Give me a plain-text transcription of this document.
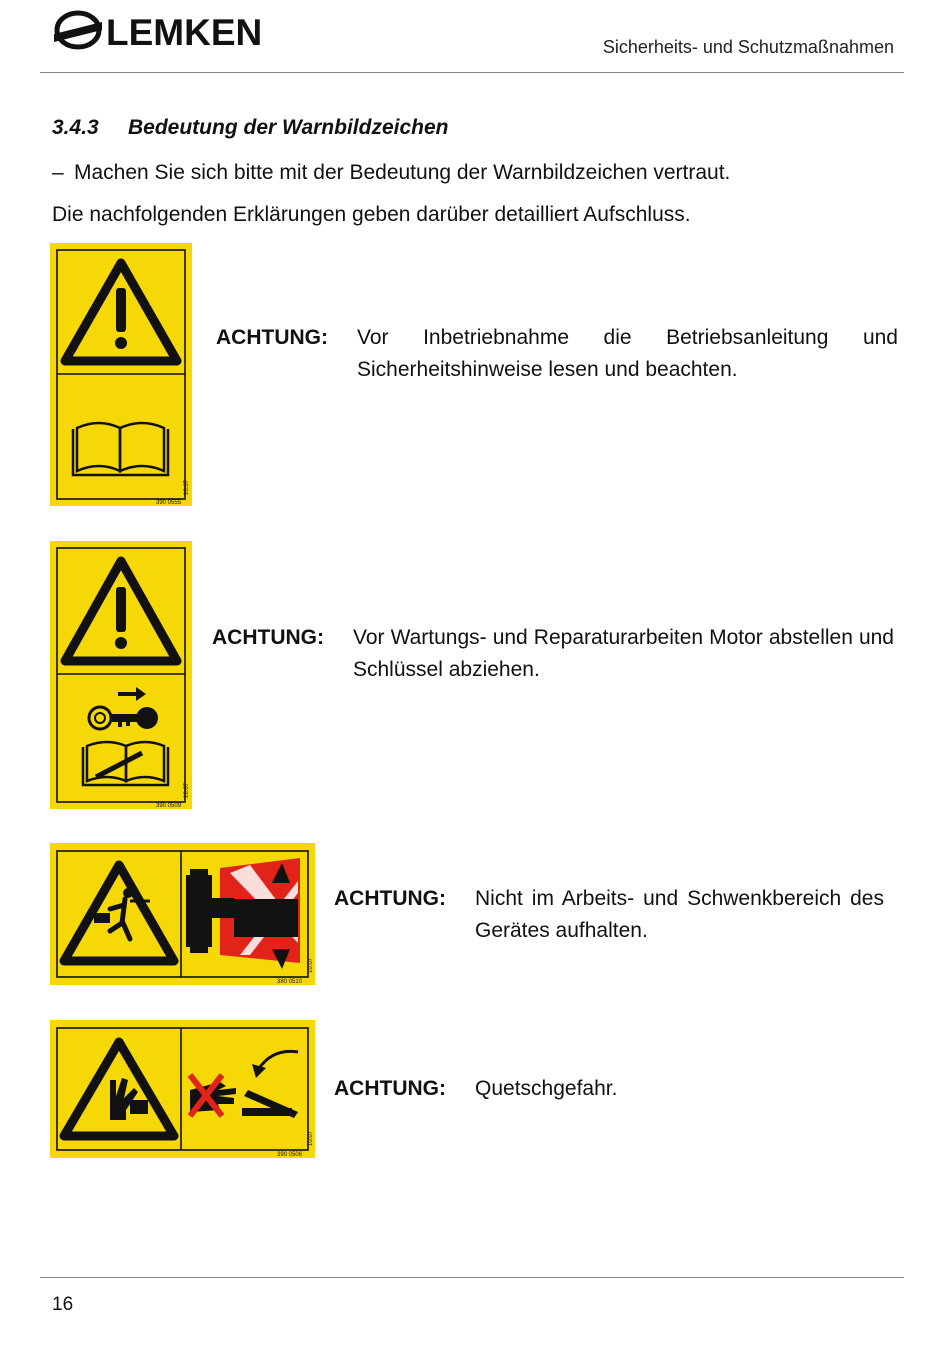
LEMKEN	Sicherheits- und Schutzmaßnahmen
3.4.3 Bedeutung der Warnbildzeichen
– Machen Sie sich bitte mit der Bedeutung der Warnbildzeichen vertraut.
Die nachfolgenden Erklärungen geben darüber detailliert Aufschluss.
390 0555
10.07
ACHTUNG: Vor Inbetriebnahme die Betriebsanleitung und Sicherheitshinweise lesen und beachten.
390 0509
10.07
ACHTUNG: Vor Wartungs- und Reparaturarbeiten Motor abstellen und Schlüssel abziehen.
380 0510
10.07
ACHTUNG: Nicht im Arbeits- und Schwenkbereich des Gerätes aufhalten.
390 0506
10.07
ACHTUNG: Quetschgefahr.
16
